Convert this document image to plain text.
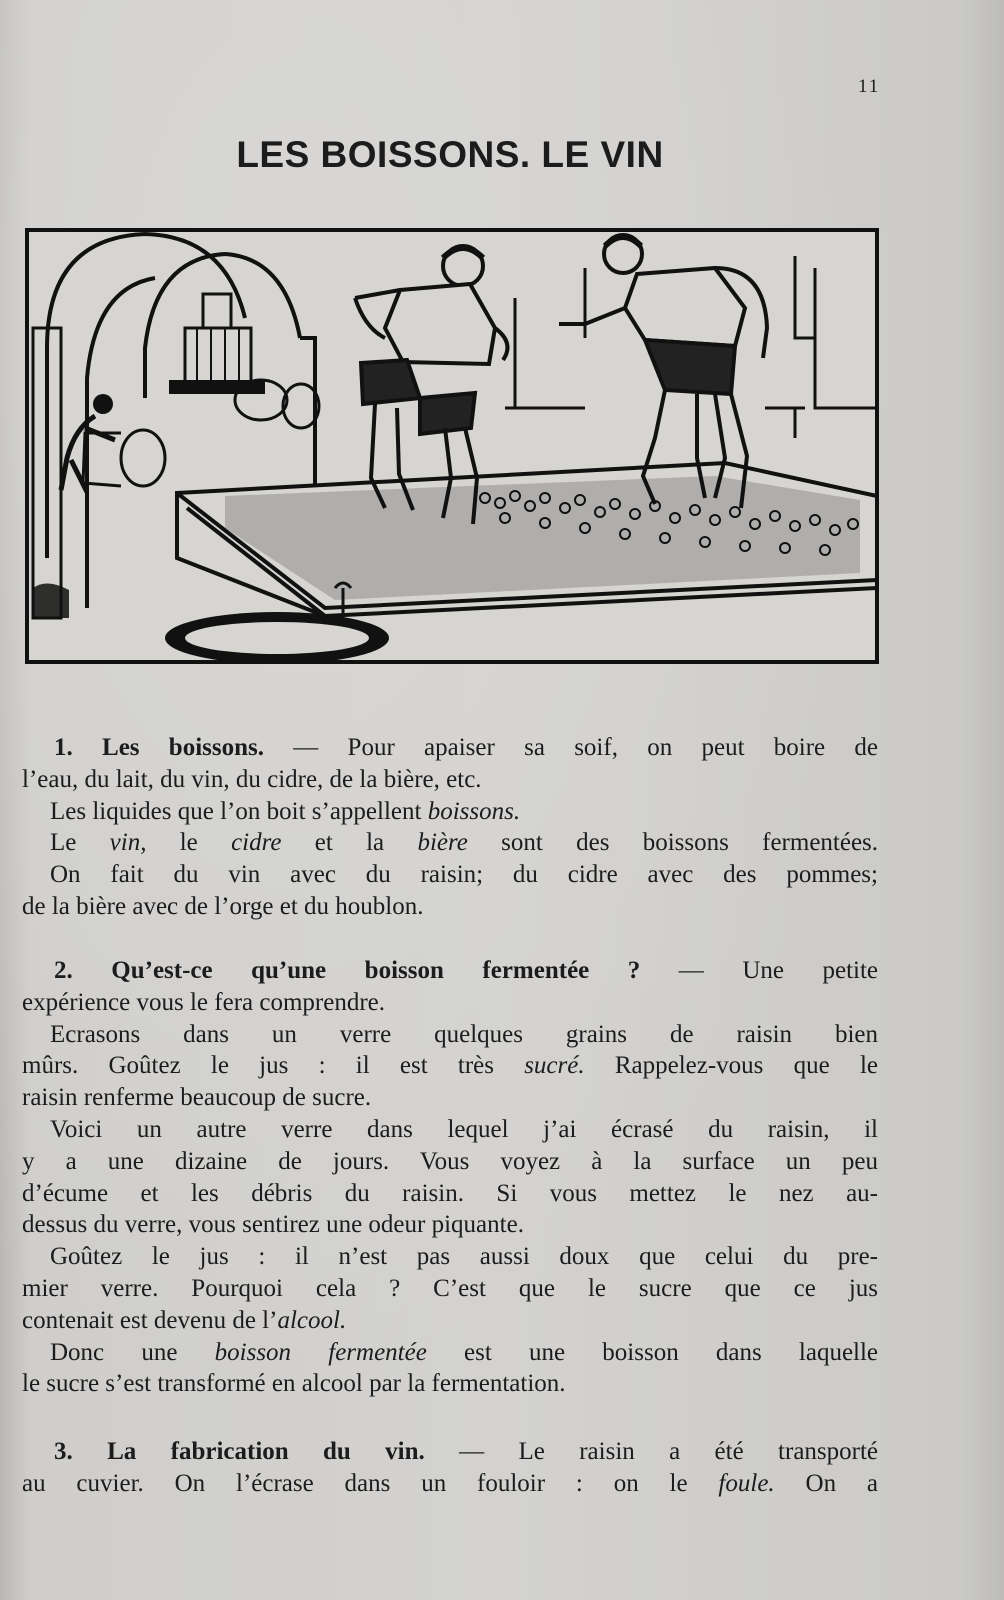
11
LES BOISSONS. LE VIN
1. Les boissons. — Pour apaiser sa soif, on peut boire de
l’eau, du lait, du vin, du cidre, de la bière, etc.
Les liquides que l’on boit s’appellent boissons.
Le vin, le cidre et la bière sont des boissons fermentées.
On fait du vin avec du raisin; du cidre avec des pommes;
de la bière avec de l’orge et du houblon.
2. Qu’est-ce qu’une boisson fermentée ? — Une petite
expérience vous le fera comprendre.
Ecrasons dans un verre quelques grains de raisin bien
mûrs. Goûtez le jus : il est très sucré. Rappelez-vous que le
raisin renferme beaucoup de sucre.
Voici un autre verre dans lequel j’ai écrasé du raisin, il
y a une dizaine de jours. Vous voyez à la surface un peu
d’écume et les débris du raisin. Si vous mettez le nez au-
dessus du verre, vous sentirez une odeur piquante.
Goûtez le jus : il n’est pas aussi doux que celui du pre-
mier verre. Pourquoi cela ? C’est que le sucre que ce jus
contenait est devenu de l’alcool.
Donc une boisson fermentée est une boisson dans laquelle
le sucre s’est transformé en alcool par la fermentation.
3. La fabrication du vin. — Le raisin a été transporté
au cuvier. On l’écrase dans un fouloir : on le foule. On a
